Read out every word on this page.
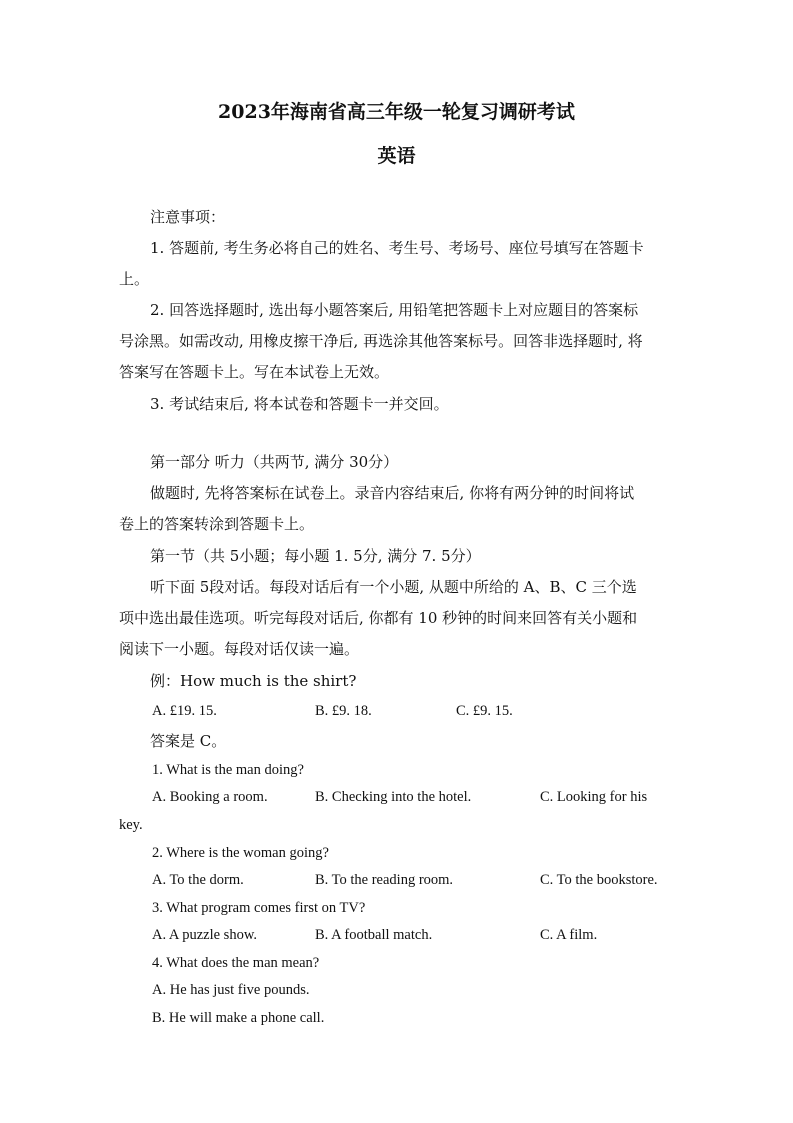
2023年海南省高三年级一轮复习调研考试
英语
注意事项：
1. 答题前, 考生务必将自己的姓名、考生号、考场号、座位号填写在答题卡
上。
2. 回答选择题时, 选出每小题答案后, 用铅笔把答题卡上对应题目的答案标
号涂黑。如需改动, 用橡皮擦干净后, 再选涂其他答案标号。回答非选择题时, 将
答案写在答题卡上。写在本试卷上无效。
3. 考试结束后, 将本试卷和答题卡一并交回。
第一部分 听力（共两节, 满分 30分）
做题时, 先将答案标在试卷上。录音内容结束后, 你将有两分钟的时间将试
卷上的答案转涂到答题卡上。
第一节（共 5小题；每小题 1. 5分, 满分 7. 5分）
听下面 5段对话。每段对话后有一个小题, 从题中所给的 A、B、C 三个选
项中选出最佳选项。听完每段对话后, 你都有 10 秒钟的时间来回答有关小题和
阅读下一小题。每段对话仅读一遍。
例：How much is the shirt?
A. £19. 15.	B. £9. 18.	C. £9. 15.
答案是 C。
1. What is the man doing?
A. Booking a room.	B. Checking into the hotel.	C. Looking for his
key.
2. Where is the woman going?
A. To the dorm.	B. To the reading room.	C. To the bookstore.
3. What program comes first on TV?
A. A puzzle show.	B. A football match.	C. A film.
4. What does the man mean?
A. He has just five pounds.
B. He will make a phone call.
